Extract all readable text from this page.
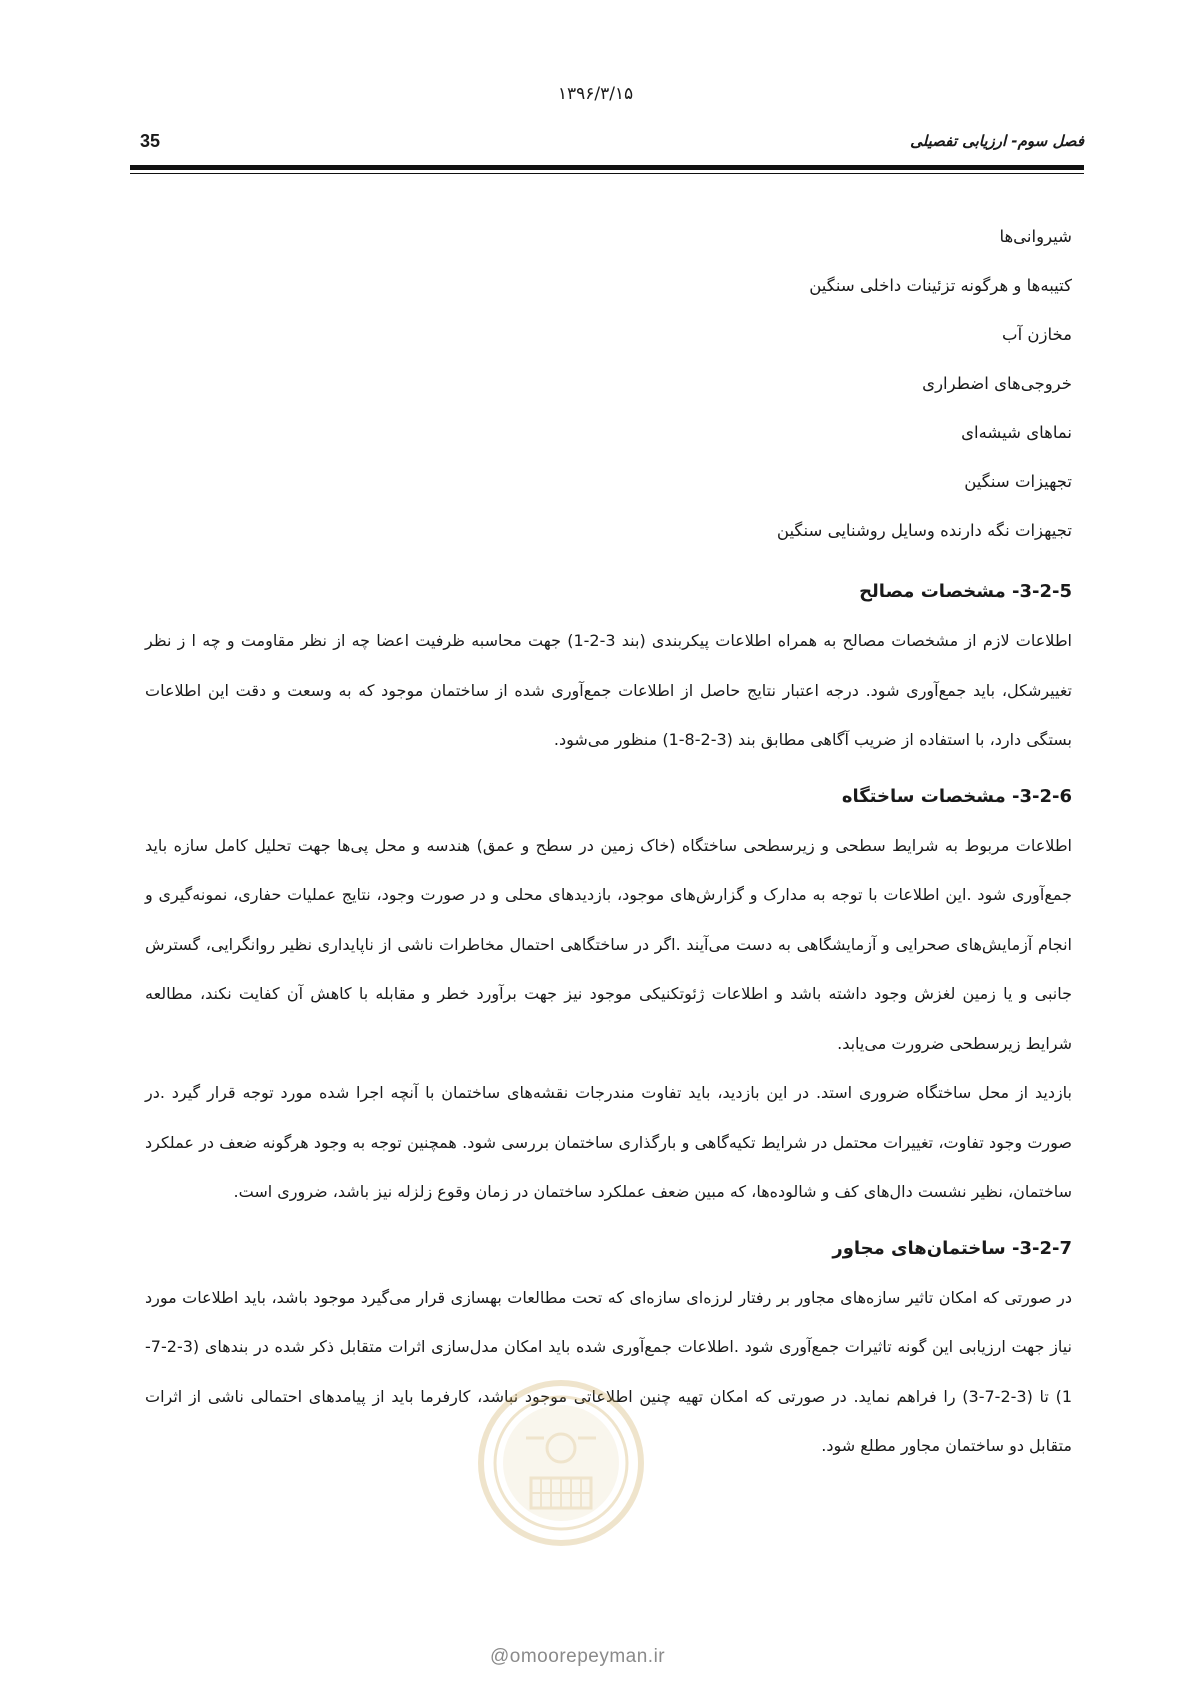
۱۳۹۶/۳/۱۵
35	فصل سوم- ارزیابی تفصیلی
شیروانی‌ها
کتیبه‌ها و هرگونه تزئینات داخلی سنگین
مخازن آب
خروجی‌های اضطراری
نماهای شیشه‌ای
تجهیزات سنگین
تجیهزات نگه دارنده وسایل روشنایی سنگین
3-2-5- مشخصات مصالح

اطلاعات لازم از مشخصات مصالح به همراه اطلاعات پیکربندی (بند 3-2-1) جهت محاسبه ظرفیت اعضا چه از نظر مقاومت و چه ا ز نظر تغییرشکل، باید جمع‌آوری شود. درجه اعتبار نتایج حاصل از اطلاعات جمع‌آوری شده از ساختمان موجود که به وسعت و دقت این اطلاعات بستگی دارد، با استفاده از ضریب آگاهی مطابق بند (3-2-8-1) منظور می‌شود.

3-2-6- مشخصات ساختگاه

اطلاعات مربوط به شرایط سطحی و زیرسطحی ساختگاه (خاک زمین در سطح و عمق) هندسه و محل پی‌ها جهت تحلیل کامل سازه باید جمع‌آوری شود .این اطلاعات با توجه به مدارک و گزارش‌های موجود، بازدیدهای محلی و در صورت وجود، نتایج عملیات حفاری، نمونه‌گیری و انجام آزمایش‌های صحرایی و آزمایشگاهی به دست می‌آیند .اگر در ساختگاهی احتمال مخاطرات ناشی از ناپایداری نظیر روانگرایی، گسترش جانبی و یا زمین لغزش وجود داشته باشد و اطلاعات ژئوتکنیکی موجود نیز جهت برآورد خطر و مقابله با کاهش آن کفایت نکند، مطالعه شرایط زیرسطحی ضرورت می‌یابد.

بازدید از محل ساختگاه ضروری استد. در این بازدید، باید تفاوت مندرجات نقشه‌های ساختمان با آنچه اجرا شده مورد توجه قرار گیرد .در صورت وجود تفاوت، تغییرات محتمل در شرایط تکیه‌گاهی و بارگذاری ساختمان بررسی شود. همچنین توجه به وجود هرگونه ضعف در عملکرد ساختمان، نظیر نشست دال‌های کف و شالوده‌ها، که مبین ضعف عملکرد ساختمان در زمان وقوع زلزله نیز باشد، ضروری است.

3-2-7- ساختمان‌های مجاور

در صورتی که امکان تاثیر سازه‌های مجاور بر رفتار لرزه‌ای سازه‌ای که تحت مطالعات بهسازی قرار می‌گیرد موجود باشد، باید اطلاعات مورد نیاز جهت ارزیابی این گونه تاثیرات جمع‌آوری شود .اطلاعات جمع‌آوری شده باید امکان مدل‌سازی اثرات متقابل ذکر شده در بندهای (3-2-7-1) تا (3-2-7-3) را فراهم نماید. در صورتی که امکان تهیه چنین اطلاعاتی موجود نباشد، کارفرما باید از پیامدهای احتمالی ناشی از اثرات متقابل دو ساختمان مجاور مطلع شود.

@omoorepeyman.ir
